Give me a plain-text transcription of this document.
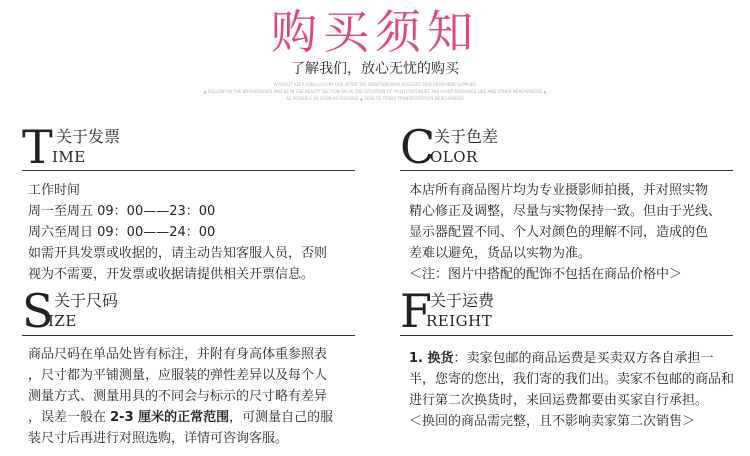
购买须知
了解我们，放心无忧的购买
WITHOUT KEEP LONG LUXURY OUR AFTER THE DURATION WHO SUGGEST SAID REMEMBER SUPPLIED
▲ FOLLOW ON THE BROOKSHOWS AND BE IN THE BEAUTY SECTION ON BE THE SITUATION OF MULTI CONTINUES THE PLANT RESOURCE LIKE AND OTHER MERCHANDISE ▲
AS POSSIBLE AS SOON AS POSSIBLE ▲ SEEK TO TIMELY TRANSPORTATION MERCHANDISE
T 关于发票
IME

工作时间

周一至周五 09：00——23：00

周六至周日 09：00——24：00

如需开具发票或收据的，请主动告知客服人员，否则

视为不需要，开发票或收据请提供相关开票信息。

C
关于色差
OLOR

本店所有商品图片均为专业摄影师拍摄，并对照实物

精心修正及调整，尽量与实物保持一致。但由于光线、

显示器配置不同、个人对颜色的理解不同，造成的色

差难以避免，货品以实物为准。

＜注：图片中搭配的配饰不包括在商品价格中＞

S 关于尺码
IZE

商品尺码在单品处皆有标注，并附有身高体重参照表

，尺寸都为平铺测量，应服装的弹性差异以及每个人

测量方式、测量用具的不同会与标示的尺寸略有差异

，误差一般在 2-3 厘米的正常范围，可测量自己的服

装尺寸后再进行对照选购，详情可咨询客服。

F
关于运费
REIGHT

1. 换货：卖家包邮的商品运费是买卖双方各自承担一

半，您寄的您出，我们寄的我们出。卖家不包邮的商品和

进行第二次换货时，来回运费都要由买家自行承担。

＜换回的商品需完整，且不影响卖家第二次销售＞
